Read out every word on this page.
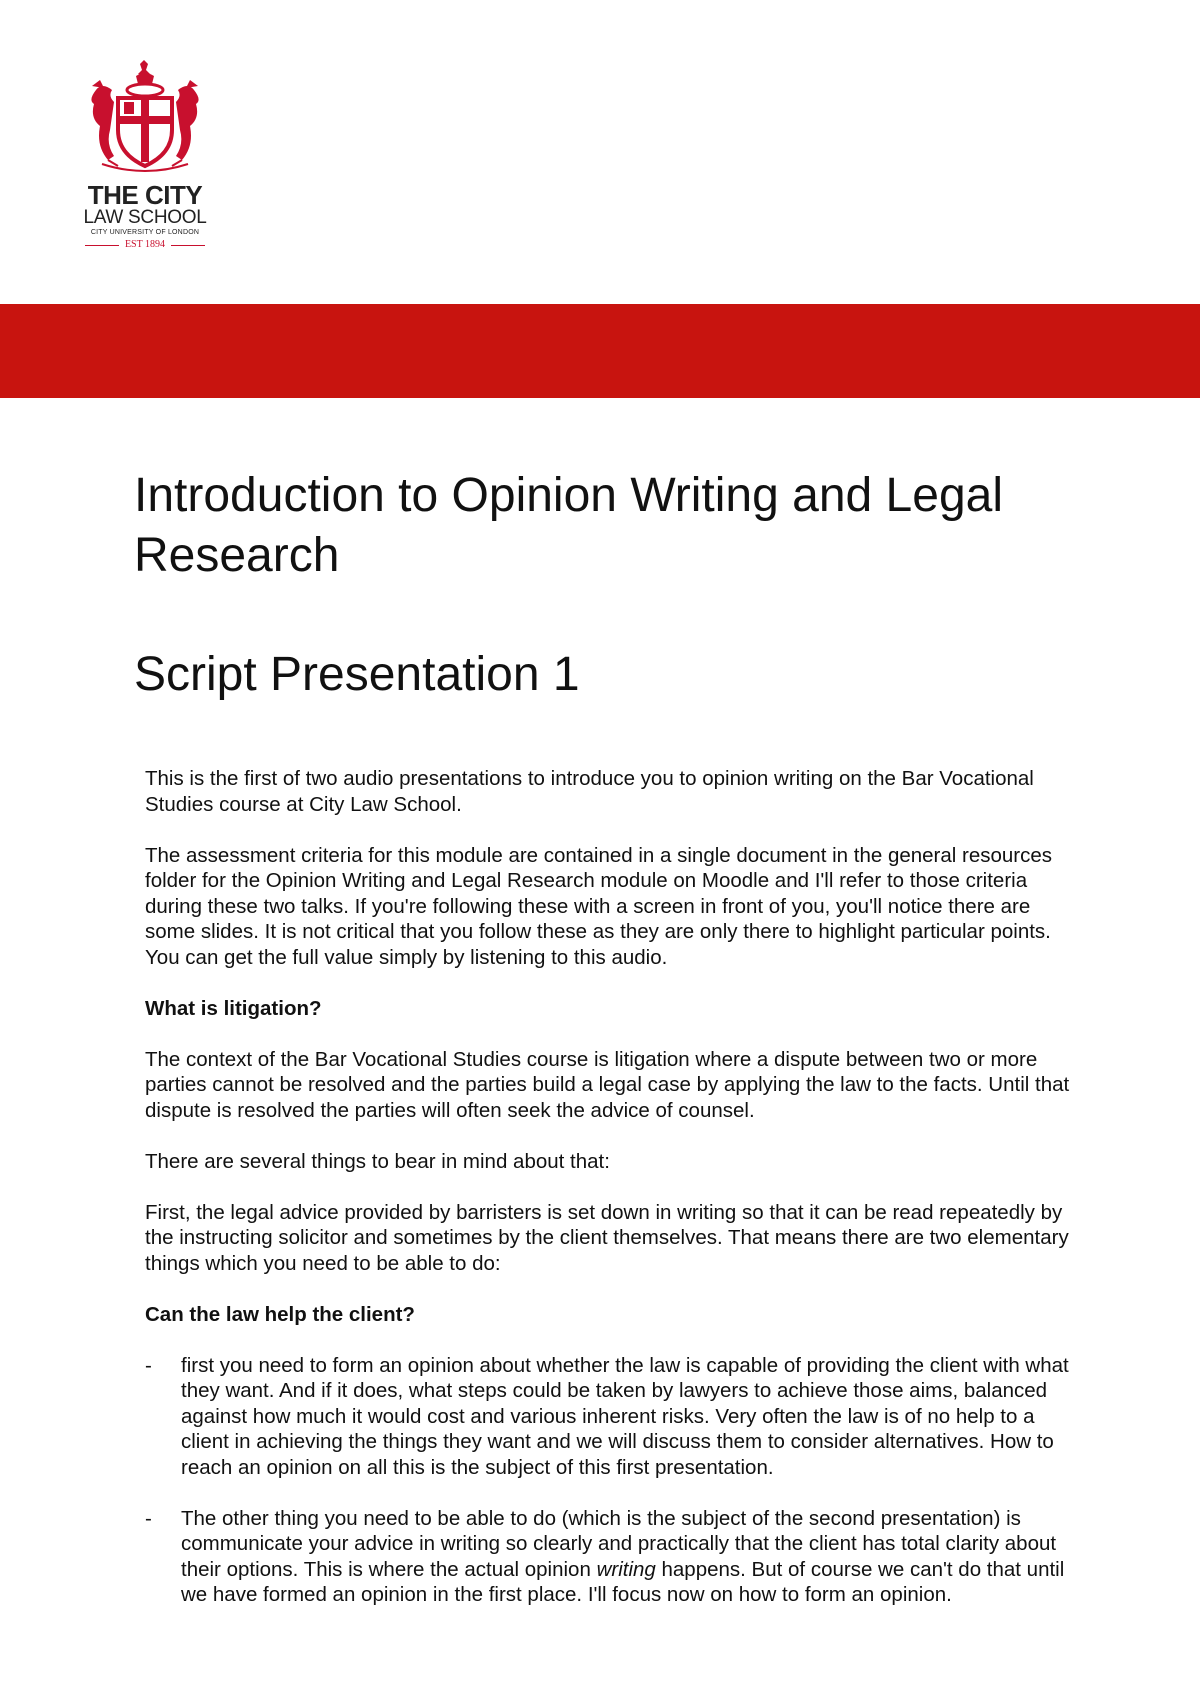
THE CITY
LAW SCHOOL
CITY UNIVERSITY OF LONDON
EST 1894
Introduction to Opinion Writing and Legal Research
Script Presentation 1

This is the first of two audio presentations to introduce you to opinion writing on the Bar Vocational Studies course at City Law School.

The assessment criteria for this module are contained in a single document in the general resources folder for the Opinion Writing and Legal Research module on Moodle and I'll refer to those criteria during these two talks. If you're following these with a screen in front of you, you'll notice there are some slides. It is not critical that you follow these as they are only there to highlight particular points. You can get the full value simply by listening to this audio.

What is litigation?

The context of the Bar Vocational Studies course is litigation where a dispute between two or more parties cannot be resolved and the parties build a legal case by applying the law to the facts. Until that dispute is resolved the parties will often seek the advice of counsel.

There are several things to bear in mind about that:

First, the legal advice provided by barristers is set down in writing so that it can be read repeatedly by the instructing solicitor and sometimes by the client themselves. That means there are two elementary things which you need to be able to do:

Can the law help the client?
-	first you need to form an opinion about whether the law is capable of providing the client with what they want. And if it does, what steps could be taken by lawyers to achieve those aims, balanced against how much it would cost and various inherent risks. Very often the law is of no help to a client in achieving the things they want and we will discuss them to consider alternatives. How to reach an opinion on all this is the subject of this first presentation.
-	The other thing you need to be able to do (which is the subject of the second presentation) is communicate your advice in writing so clearly and practically that the client has total clarity about their options. This is where the actual opinion writing happens. But of course we can't do that until we have formed an opinion in the first place. I'll focus now on how to form an opinion.
